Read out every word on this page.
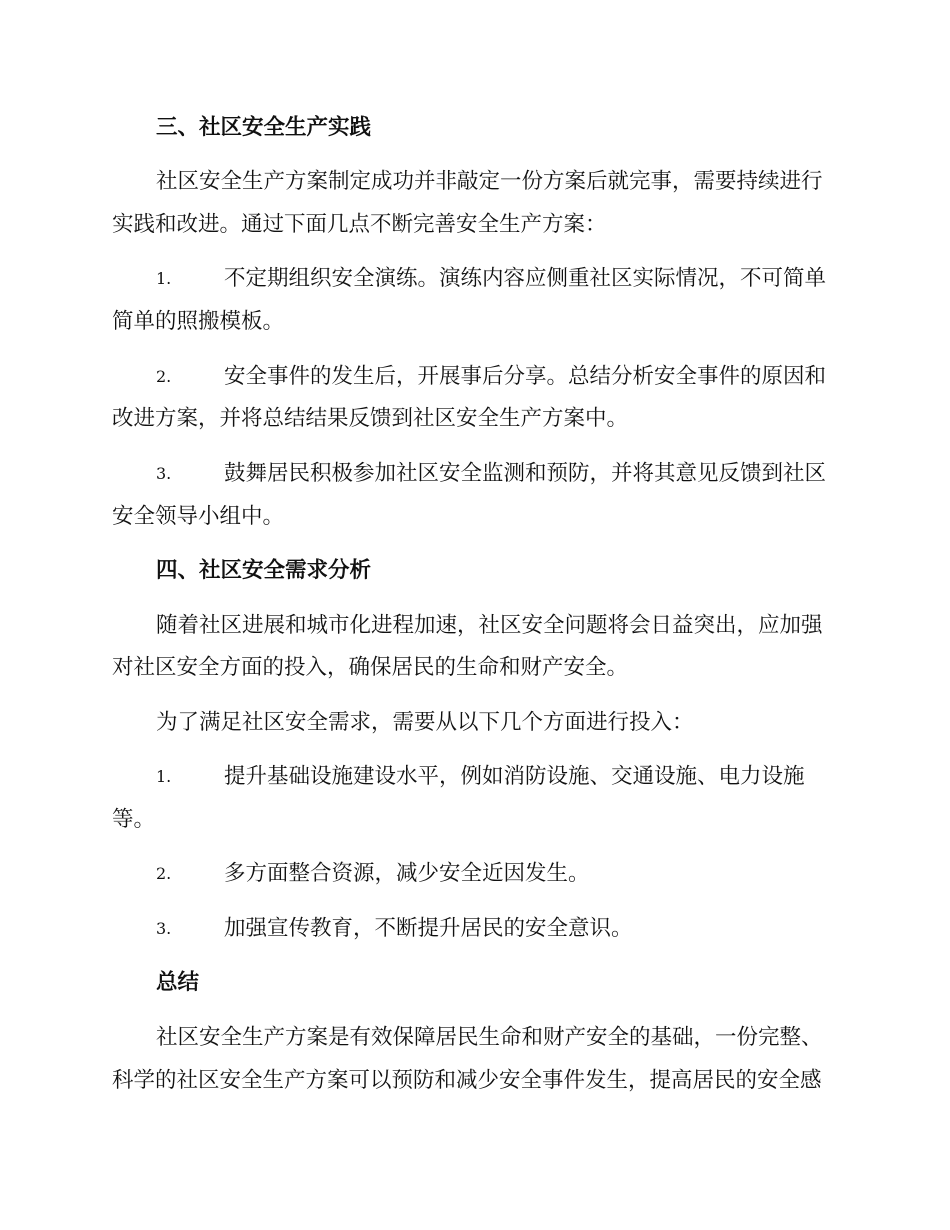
三、社区安全生产实践
社区安全生产方案制定成功并非敲定一份方案后就完事，需要持续进行
实践和改进。通过下面几点不断完善安全生产方案：
1.	不定期组织安全演练。演练内容应侧重社区实际情况，不可简单
简单的照搬模板。
2.	安全事件的发生后，开展事后分享。总结分析安全事件的原因和
改进方案，并将总结结果反馈到社区安全生产方案中。
3.	鼓舞居民积极参加社区安全监测和预防，并将其意见反馈到社区
安全领导小组中。
四、社区安全需求分析
随着社区进展和城市化进程加速，社区安全问题将会日益突出，应加强
对社区安全方面的投入，确保居民的生命和财产安全。
为了满足社区安全需求，需要从以下几个方面进行投入：
1.	提升基础设施建设水平，例如消防设施、交通设施、电力设施
等。
2.	多方面整合资源，减少安全近因发生。
3.	加强宣传教育，不断提升居民的安全意识。
总结
社区安全生产方案是有效保障居民生命和财产安全的基础，一份完整、
科学的社区安全生产方案可以预防和减少安全事件发生，提高居民的安全感
